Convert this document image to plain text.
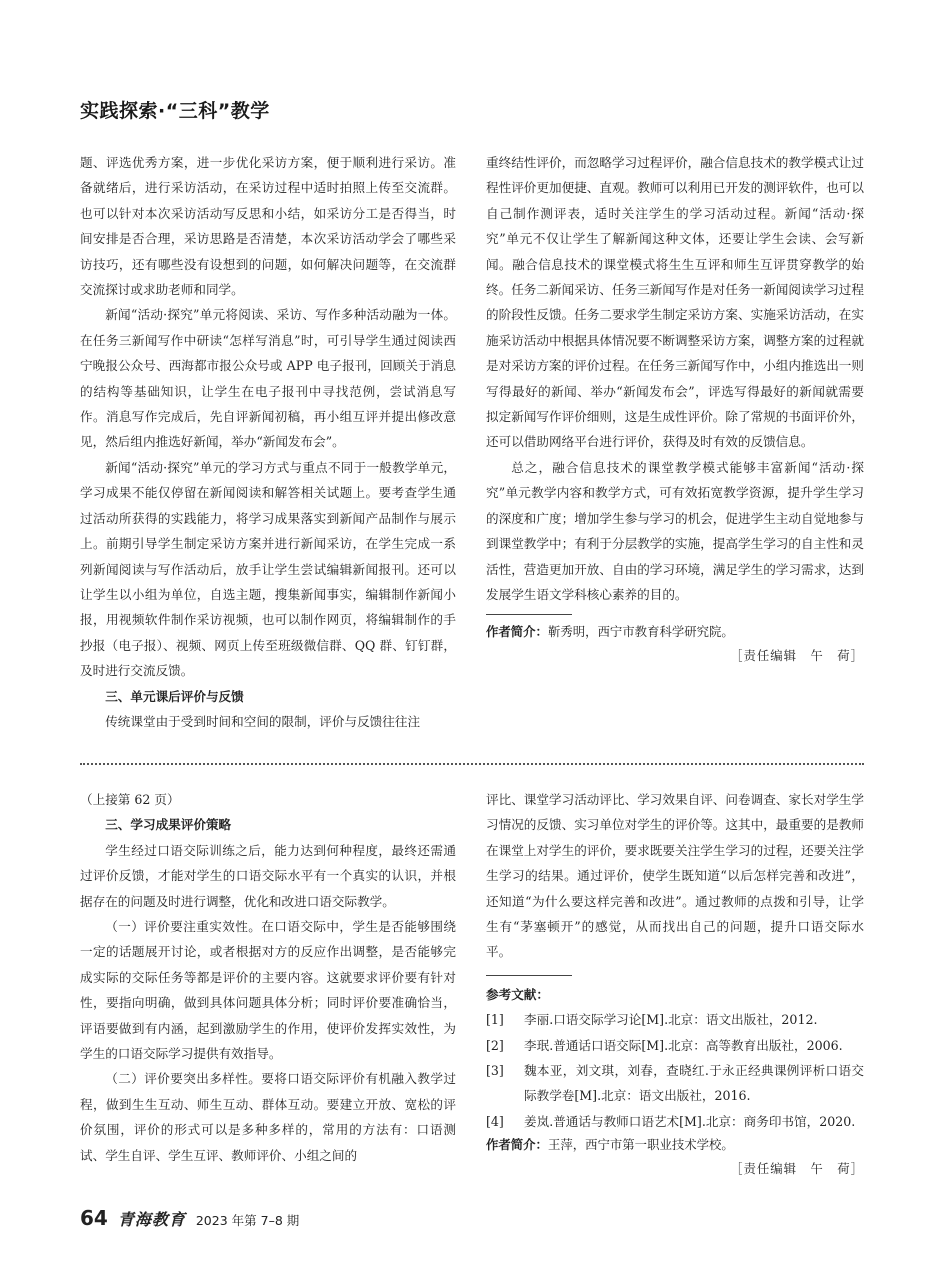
实践探索·“三科”教学

题、评选优秀方案，进一步优化采访方案，便于顺利进行采访。准备就绪后，进行采访活动，在采访过程中适时拍照上传至交流群。也可以针对本次采访活动写反思和小结，如采访分工是否得当，时间安排是否合理，采访思路是否清楚，本次采访活动学会了哪些采访技巧，还有哪些没有设想到的问题，如何解决问题等，在交流群交流探讨或求助老师和同学。

新闻“活动·探究”单元将阅读、采访、写作多种活动融为一体。在任务三新闻写作中研读“怎样写消息”时，可引导学生通过阅读西宁晚报公众号、西海都市报公众号或 APP 电子报刊，回顾关于消息的结构等基础知识，让学生在电子报刊中寻找范例，尝试消息写作。消息写作完成后，先自评新闻初稿，再小组互评并提出修改意见，然后组内推选好新闻，举办“新闻发布会”。

新闻“活动·探究”单元的学习方式与重点不同于一般教学单元，学习成果不能仅停留在新闻阅读和解答相关试题上。要考查学生通过活动所获得的实践能力，将学习成果落实到新闻产品制作与展示上。前期引导学生制定采访方案并进行新闻采访，在学生完成一系列新闻阅读与写作活动后，放手让学生尝试编辑新闻报刊。还可以让学生以小组为单位，自选主题，搜集新闻事实，编辑制作新闻小报，用视频软件制作采访视频，也可以制作网页，将编辑制作的手抄报（电子报）、视频、网页上传至班级微信群、QQ 群、钉钉群，及时进行交流反馈。

三、单元课后评价与反馈

传统课堂由于受到时间和空间的限制，评价与反馈往往注

重终结性评价，而忽略学习过程评价，融合信息技术的教学模式让过程性评价更加便捷、直观。教师可以利用已开发的测评软件，也可以自己制作测评表，适时关注学生的学习活动过程。新闻“活动·探究”单元不仅让学生了解新闻这种文体，还要让学生会读、会写新闻。融合信息技术的课堂模式将生生互评和师生互评贯穿教学的始终。任务二新闻采访、任务三新闻写作是对任务一新闻阅读学习过程的阶段性反馈。任务二要求学生制定采访方案、实施采访活动，在实施采访活动中根据具体情况要不断调整采访方案，调整方案的过程就是对采访方案的评价过程。在任务三新闻写作中，小组内推选出一则写得最好的新闻、举办“新闻发布会”，评选写得最好的新闻就需要拟定新闻写作评价细则，这是生成性评价。除了常规的书面评价外，还可以借助网络平台进行评价，获得及时有效的反馈信息。

总之，融合信息技术的课堂教学模式能够丰富新闻“活动·探究”单元教学内容和教学方式，可有效拓宽教学资源，提升学生学习的深度和广度；增加学生参与学习的机会，促进学生主动自觉地参与到课堂教学中；有利于分层教学的实施，提高学生学习的自主性和灵活性，营造更加开放、自由的学习环境，满足学生的学习需求，达到发展学生语文学科核心素养的目的。

作者简介：靳秀明，西宁市教育科学研究院。
［责任编辑　午　荷］

（上接第 62 页）

三、学习成果评价策略

学生经过口语交际训练之后，能力达到何种程度，最终还需通过评价反馈，才能对学生的口语交际水平有一个真实的认识，并根据存在的问题及时进行调整，优化和改进口语交际教学。

（一）评价要注重实效性。在口语交际中，学生是否能够围绕一定的话题展开讨论，或者根据对方的反应作出调整，是否能够完成实际的交际任务等都是评价的主要内容。这就要求评价要有针对性，要指向明确，做到具体问题具体分析；同时评价要准确恰当，评语要做到有内涵，起到激励学生的作用，使评价发挥实效性，为学生的口语交际学习提供有效指导。

（二）评价要突出多样性。要将口语交际评价有机融入教学过程，做到生生互动、师生互动、群体互动。要建立开放、宽松的评价氛围，评价的形式可以是多种多样的，常用的方法有：口语测试、学生自评、学生互评、教师评价、小组之间的

评比、课堂学习活动评比、学习效果自评、问卷调查、家长对学生学习情况的反馈、实习单位对学生的评价等。这其中，最重要的是教师在课堂上对学生的评价，要求既要关注学生学习的过程，还要关注学生学习的结果。通过评价，使学生既知道“以后怎样完善和改进”，还知道“为什么要这样完善和改进”。通过教师的点拨和引导，让学生有“茅塞顿开”的感觉，从而找出自己的问题，提升口语交际水平。

参考文献：
[1] 李丽.口语交际学习论[M].北京：语文出版社，2012.
[2] 李珉.普通话口语交际[M].北京：高等教育出版社，2006.
[3] 魏本亚，刘文琪，刘春，查晓红.于永正经典课例评析口语交际教学卷[M].北京：语文出版社，2016.
[4] 姜岚.普通话与教师口语艺术[M].北京：商务印书馆，2020.
作者简介：王萍，西宁市第一职业技术学校。
［责任编辑　午　荷］
64 青海教育 2023 年第 7–8 期
